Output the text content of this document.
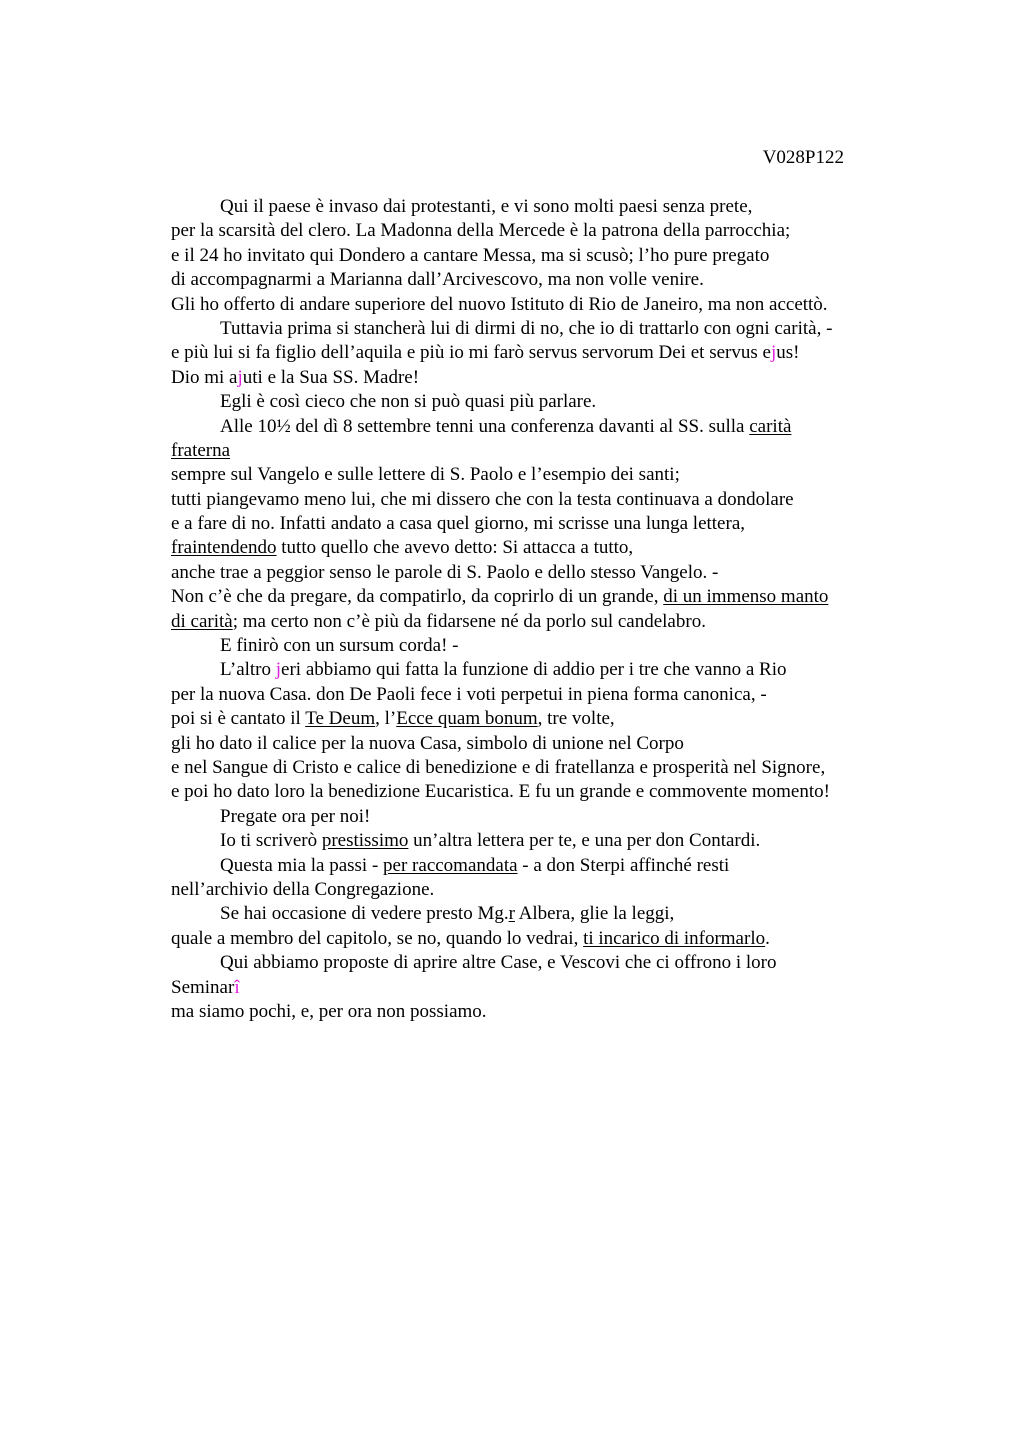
V028P122
Qui il paese è invaso dai protestanti, e vi sono molti paesi senza prete,
per la scarsità del clero. La Madonna della Mercede è la patrona della parrocchia;
e il 24 ho invitato qui Dondero a cantare Messa, ma si scusò; l’ho pure pregato
di accompagnarmi a Marianna dall’Arcivescovo, ma non volle venire.
Gli ho offerto di andare superiore del nuovo Istituto di Rio de Janeiro, ma non accettò.
Tuttavia prima si stancherà lui di dirmi di no, che io di trattarlo con ogni carità, -
e più lui si fa figlio dell’aquila e più io mi farò servus servorum Dei et servus ejus!
Dio mi ajuti e la Sua SS. Madre!
Egli è così cieco che non si può quasi più parlare.
Alle 10½ del dì 8 settembre tenni una conferenza davanti al SS. sulla carità
fraterna
sempre sul Vangelo e sulle lettere di S. Paolo e l’esempio dei santi;
tutti piangevamo meno lui, che mi dissero che con la testa continuava a dondolare
e a fare di no. Infatti andato a casa quel giorno, mi scrisse una lunga lettera,
fraintendendo tutto quello che avevo detto: Si attacca a tutto,
anche trae a peggior senso le parole di S. Paolo e dello stesso Vangelo. -
Non c’è che da pregare, da compatirlo, da coprirlo di un grande, di un immenso manto
di carità; ma certo non c’è più da fidarsene né da porlo sul candelabro.
E finirò con un sursum corda! -
L’altro jeri abbiamo qui fatta la funzione di addio per i tre che vanno a Rio
per la nuova Casa. don De Paoli fece i voti perpetui in piena forma canonica, -
poi si è cantato il Te Deum, l’Ecce quam bonum, tre volte,
gli ho dato il calice per la nuova Casa, simbolo di unione nel Corpo
e nel Sangue di Cristo e calice di benedizione e di fratellanza e prosperità nel Signore,
e poi ho dato loro la benedizione Eucaristica. E fu un grande e commovente momento!
Pregate ora per noi!
Io ti scriverò prestissimo un’altra lettera per te, e una per don Contardi.
Questa mia la passi - per raccomandata - a don Sterpi affinché resti
nell’archivio della Congregazione.
Se hai occasione di vedere presto Mg.r Albera, glie la leggi,
quale a membro del capitolo, se no, quando lo vedrai, ti incarico di informarlo.
Qui abbiamo proposte di aprire altre Case, e Vescovi che ci offrono i loro
Seminarî
ma siamo pochi, e, per ora non possiamo.
